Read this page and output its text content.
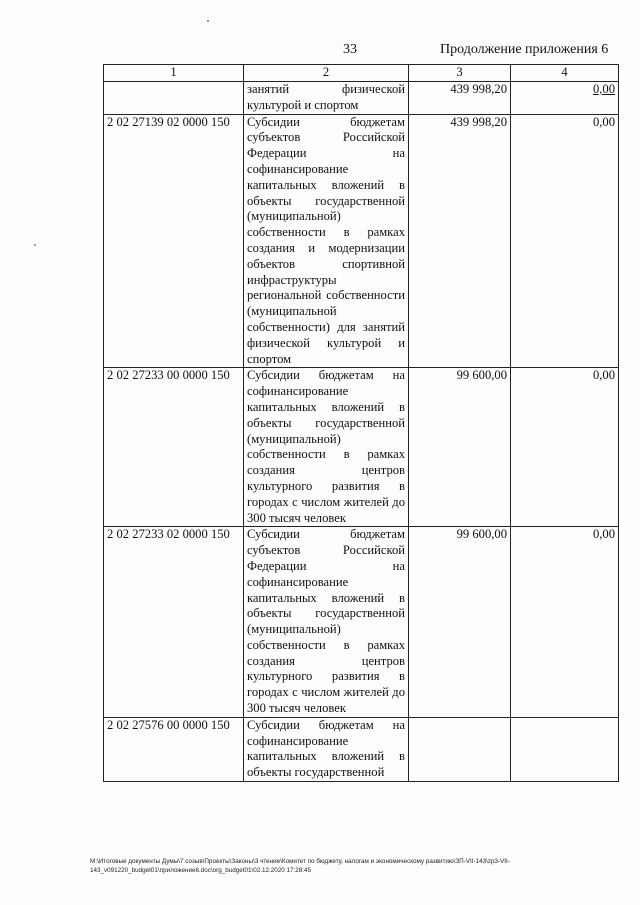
33	Продолжение приложения 6
1	2	3	4
	занятий физической культурой и спортом	439 998,20	0,00
2 02 27139 02 0000 150	Субсидии бюджетам субъектов Российской Федерации на софинансирование капитальных вложений в объекты государственной (муниципальной) собственности в рамках создания и модернизации объектов спортивной инфраструктуры региональной собственности (муниципальной собственности) для занятий физической культурой и спортом	439 998,20	0,00
2 02 27233 00 0000 150	Субсидии бюджетам на софинансирование капитальных вложений в объекты государственной (муниципальной) собственности в рамках создания центров культурного развития в городах с числом жителей до 300 тысяч человек	99 600,00	0,00
2 02 27233 02 0000 150	Субсидии бюджетам субъектов Российской Федерации на софинансирование капитальных вложений в объекты государственной (муниципальной) собственности в рамках создания центров культурного развития в городах с числом жителей до 300 тысяч человек	99 600,00	0,00
2 02 27576 00 0000 150	Субсидии бюджетам на софинансирование капитальных вложений в объекты государственной		
M:\Итоговые документы Думы\7 созыв\Проекты\Законы\3 чтение\Комитет по бюджету, налогам и экономическому развитию\ЗП-VII-143\zp3-VII-143_v091220_budget01\приложение6.doc\org_budget01\02.12.2020 17:28:45
